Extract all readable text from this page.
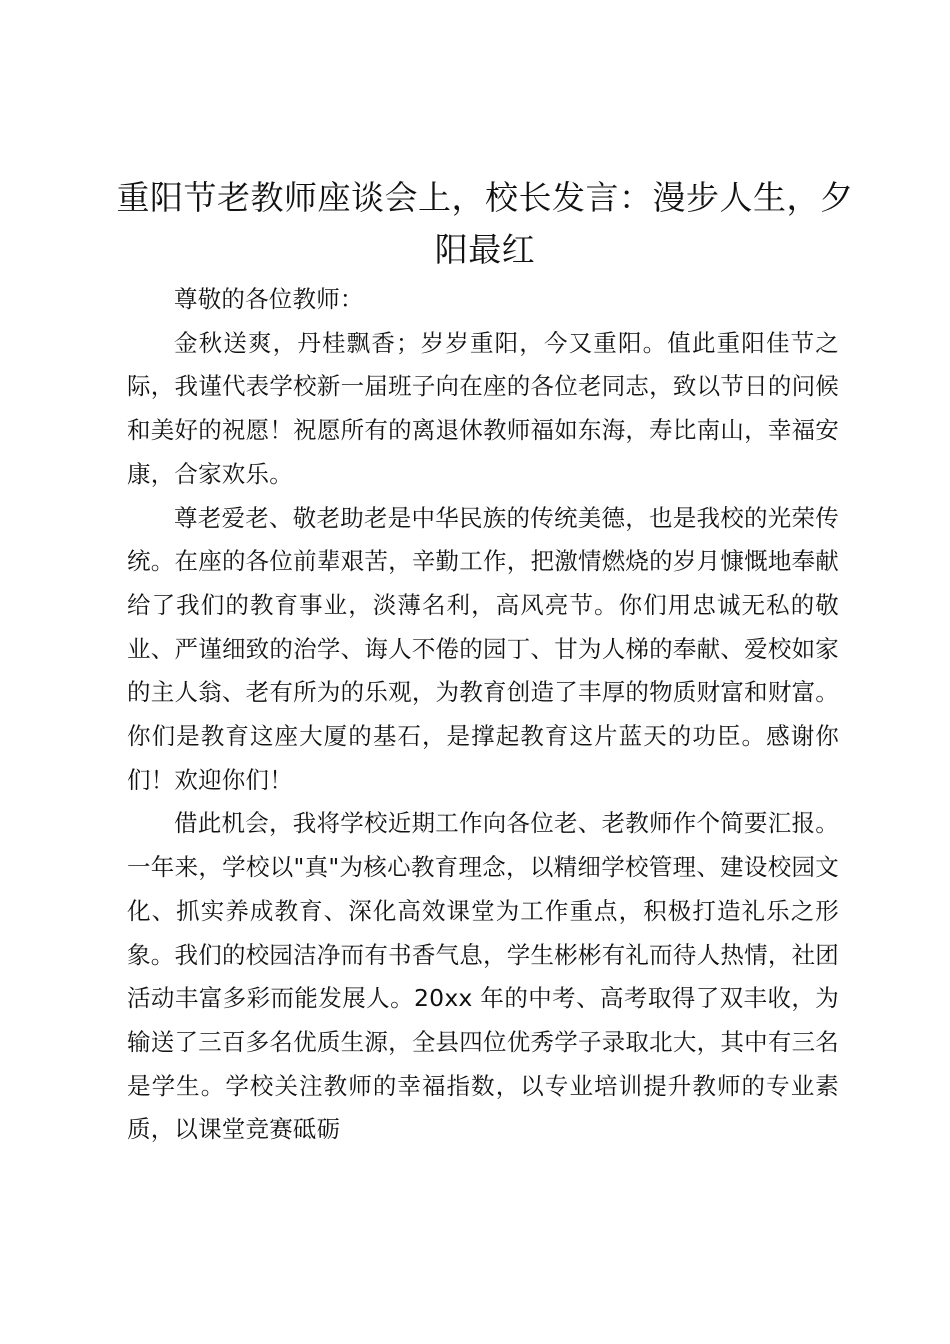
重阳节老教师座谈会上，校长发言：漫步人生，夕阳最红

尊敬的各位教师：

金秋送爽，丹桂飘香；岁岁重阳，今又重阳。值此重阳佳节之际，我谨代表学校新一届班子向在座的各位老同志，致以节日的问候和美好的祝愿！祝愿所有的离退休教师福如东海，寿比南山，幸福安康，合家欢乐。

尊老爱老、敬老助老是中华民族的传统美德，也是我校的光荣传统。在座的各位前辈艰苦，辛勤工作，把激情燃烧的岁月慷慨地奉献给了我们的教育事业，淡薄名利，高风亮节。你们用忠诚无私的敬业、严谨细致的治学、诲人不倦的园丁、甘为人梯的奉献、爱校如家的主人翁、老有所为的乐观，为教育创造了丰厚的物质财富和财富。你们是教育这座大厦的基石，是撑起教育这片蓝天的功臣。感谢你们！欢迎你们！

借此机会，我将学校近期工作向各位老、老教师作个简要汇报。一年来，学校以"真"为核心教育理念，以精细学校管理、建设校园文化、抓实养成教育、深化高效课堂为工作重点，积极打造礼乐之形象。我们的校园洁净而有书香气息，学生彬彬有礼而待人热情，社团活动丰富多彩而能发展人。20xx 年的中考、高考取得了双丰收，为输送了三百多名优质生源，全县四位优秀学子录取北大，其中有三名是学生。学校关注教师的幸福指数，以专业培训提升教师的专业素质，以课堂竞赛砥砺
